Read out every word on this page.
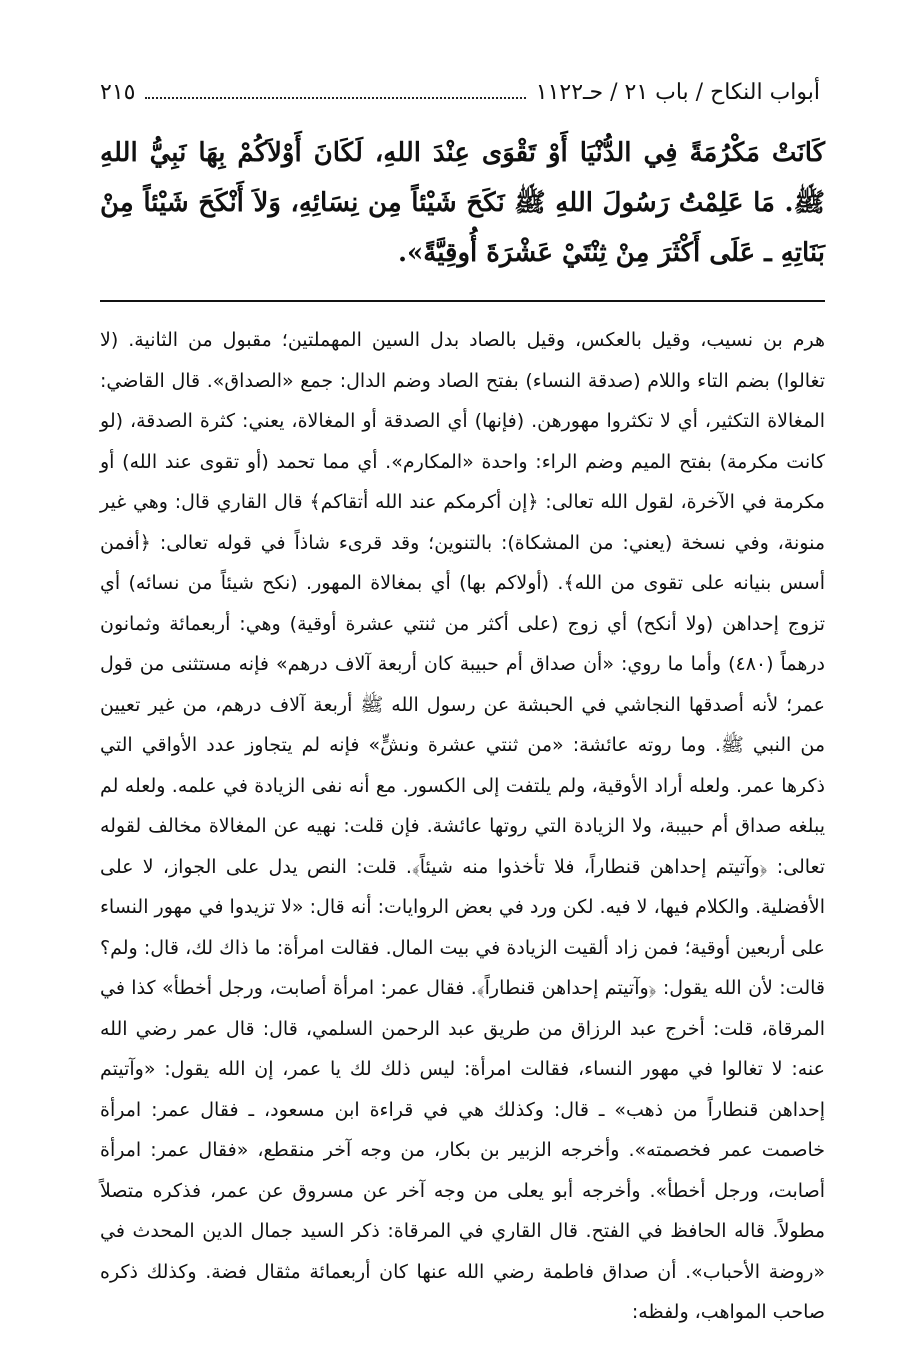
أبواب النكاح / باب ٢١ / حـ١١٢٢
٢١٥
كَانَتْ مَكْرُمَةً فِي الدُّنْيَا أَوْ تَقْوَى عِنْدَ اللهِ، لَكَانَ أَوْلاَكُمْ بِهَا نَبِيُّ اللهِ ﷺ. مَا عَلِمْتُ رَسُولَ اللهِ ﷺ نَكَحَ شَيْئاً مِن نِسَائِهِ، وَلاَ أَنْكَحَ شَيْئاً مِنْ بَنَاتِهِ ـ عَلَى أَكْثَرَ مِنْ ثِنْتَيْ عَشْرَةَ أُوقِيَّةً».

هرم بن نسيب، وقيل بالعكس، وقيل بالصاد بدل السين المهملتين؛ مقبول من الثانية. (لا تغالوا) بضم التاء واللام (صدقة النساء) بفتح الصاد وضم الدال: جمع «الصداق». قال القاضي: المغالاة التكثير، أي لا تكثروا مهورهن. (فإنها) أي الصدقة أو المغالاة، يعني: كثرة الصدقة، (لو كانت مكرمة) بفتح الميم وضم الراء: واحدة «المكارم». أي مما تحمد (أو تقوى عند الله) أو مكرمة في الآخرة، لقول الله تعالى: ﴿إن أكرمكم عند الله أتقاكم﴾ قال القاري قال: وهي غير منونة، وفي نسخة (يعني: من المشكاة): بالتنوين؛ وقد قرىء شاذاً في قوله تعالى: ﴿أفمن أسس بنيانه على تقوى من الله﴾. (أولاكم بها) أي بمغالاة المهور. (نكح شيئاً من نسائه) أي تزوج إحداهن (ولا أنكح) أي زوج (على أكثر من ثنتي عشرة أوقية) وهي: أربعمائة وثمانون درهماً (٤٨٠) وأما ما روي: «أن صداق أم حبيبة كان أربعة آلاف درهم» فإنه مستثنى من قول عمر؛ لأنه أصدقها النجاشي في الحبشة عن رسول الله ﷺ أربعة آلاف درهم، من غير تعيين من النبي ﷺ. وما روته عائشة: «من ثنتي عشرة ونشٍّ» فإنه لم يتجاوز عدد الأواقي التي ذكرها عمر. ولعله أراد الأوقية، ولم يلتفت إلى الكسور. مع أنه نفى الزيادة في علمه. ولعله لم يبلغه صداق أم حبيبة، ولا الزيادة التي روتها عائشة. فإن قلت: نهيه عن المغالاة مخالف لقوله تعالى: ﴿وآتيتم إحداهن قنطاراً، فلا تأخذوا منه شيئاً﴾. قلت: النص يدل على الجواز، لا على الأفضلية. والكلام فيها، لا فيه. لكن ورد في بعض الروايات: أنه قال: «لا تزيدوا في مهور النساء على أربعين أوقية؛ فمن زاد ألقيت الزيادة في بيت المال. فقالت امرأة: ما ذاك لك، قال: ولم؟ قالت: لأن الله يقول: ﴿وآتيتم إحداهن قنطاراً﴾. فقال عمر: امرأة أصابت، ورجل أخطأ» كذا في المرقاة، قلت: أخرج عبد الرزاق من طريق عبد الرحمن السلمي، قال: قال عمر رضي الله عنه: لا تغالوا في مهور النساء، فقالت امرأة: ليس ذلك لك يا عمر، إن الله يقول: «وآتيتم إحداهن قنطاراً من ذهب» ـ قال: وكذلك هي في قراءة ابن مسعود، ـ فقال عمر: امرأة خاصمت عمر فخصمته». وأخرجه الزبير بن بكار، من وجه آخر منقطع، «فقال عمر: امرأة أصابت، ورجل أخطأ». وأخرجه أبو يعلى من وجه آخر عن مسروق عن عمر، فذكره متصلاً مطولاً. قاله الحافظ في الفتح. قال القاري في المرقاة: ذكر السيد جمال الدين المحدث في «روضة الأحباب». أن صداق فاطمة رضي الله عنها كان أربعمائة مثقال فضة. وكذلك ذكره صاحب المواهب، ولفظه:
